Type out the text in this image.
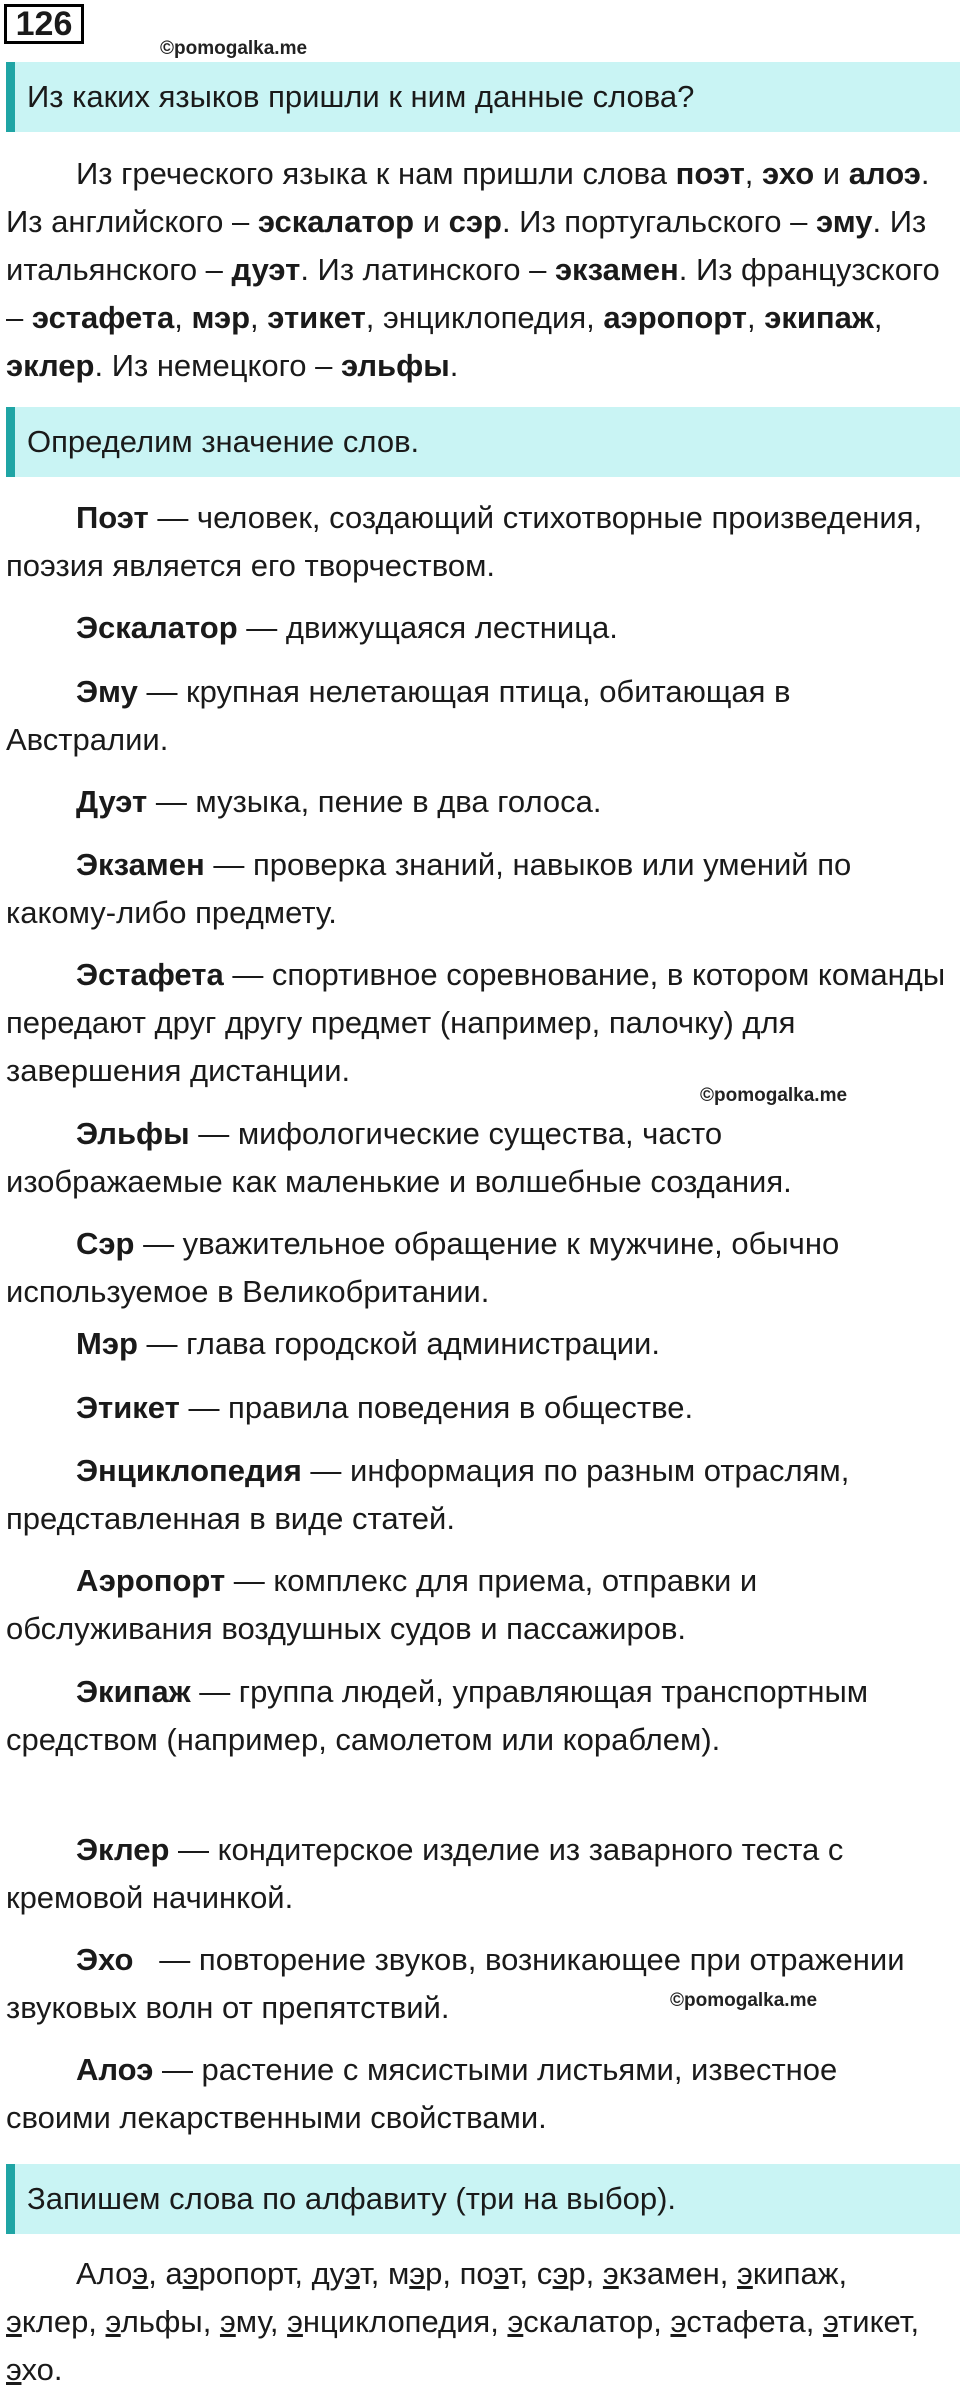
126
©pomogalka.me
Из каких языков пришли к ним данные слова?

Из греческого языка к нам пришли слова поэт, эхо и алоэ. Из английского – эскалатор и сэр. Из португальского – эму. Из итальянского – дуэт. Из латинского – экзамен. Из французского – эстафета, мэр, этикет, энциклопедия, аэропорт, экипаж, эклер. Из немецкого – эльфы.

Определим значение слов.

Поэт — человек, создающий стихотворные произведения, поэзия является его творчеством.

Эскалатор — движущаяся лестница.

Эму — крупная нелетающая птица, обитающая в Австралии.

Дуэт — музыка, пение в два голоса.

Экзамен — проверка знаний, навыков или умений по какому-либо предмету.

Эстафета — спортивное соревнование, в котором команды передают друг другу предмет (например, палочку) для завершения дистанции.

©pomogalka.me

Эльфы — мифологические существа, часто изображаемые как маленькие и волшебные создания.

Сэр — уважительное обращение к мужчине, обычно используемое в Великобритании.

Мэр — глава городской администрации.

Этикет — правила поведения в обществе.

Энциклопедия — информация по разным отраслям, представленная в виде статей.

Аэропорт — комплекс для приема, отправки и обслуживания воздушных судов и пассажиров.

Экипаж — группа людей, управляющая транспортным средством (например, самолетом или кораблем).

Эклер — кондитерское изделие из заварного теста с кремовой начинкой.

Эхо   — повторение звуков, возникающее при отражении звуковых волн от препятствий.	©pomogalka.me

Алоэ — растение с мясистыми листьями, известное своими лекарственными свойствами.

Запишем слова по алфавиту (три на выбор).

Алоэ, аэропорт, дуэт, мэр, поэт, сэр, экзамен, экипаж, эклер, эльфы, эму, энциклопедия, эскалатор, эстафета, этикет, эхо.
